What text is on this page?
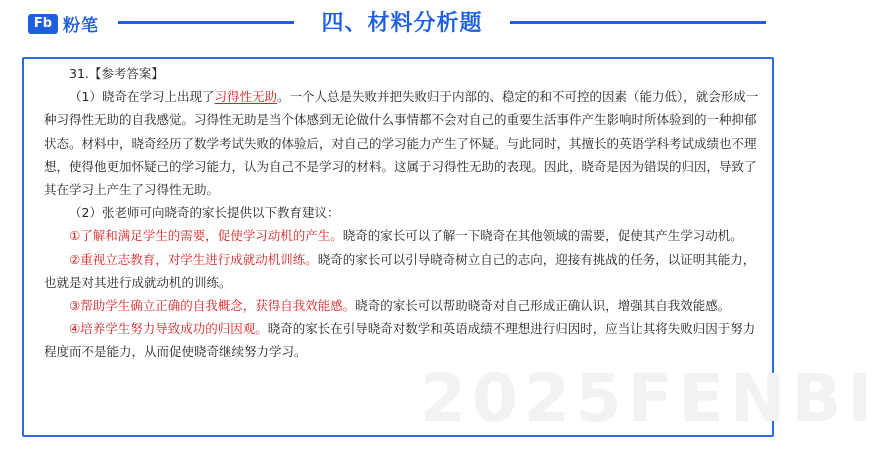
Fb 粉笔	四、材料分析题
2025FENBI

31.【参考答案】

（1）晓奇在学习上出现了习得性无助。一个人总是失败并把失败归于内部的、稳定的和不可控的因素（能力低），就会形成一种习得性无助的自我感觉。习得性无助是当个体感到无论做什么事情都不会对自己的重要生活事件产生影响时所体验到的一种抑郁状态。材料中，晓奇经历了数学考试失败的体验后，对自己的学习能力产生了怀疑。与此同时，其擅长的英语学科考试成绩也不理想，使得他更加怀疑己的学习能力，认为自己不是学习的材料。这属于习得性无助的表现。因此，晓奇是因为错误的归因，导致了其在学习上产生了习得性无助。

（2）张老师可向晓奇的家长提供以下教育建议：

①了解和满足学生的需要，促使学习动机的产生。晓奇的家长可以了解一下晓奇在其他领域的需要，促使其产生学习动机。

②重视立志教育，对学生进行成就动机训练。晓奇的家长可以引导晓奇树立自己的志向，迎接有挑战的任务，以证明其能力，也就是对其进行成就动机的训练。

③帮助学生确立正确的自我概念，获得自我效能感。晓奇的家长可以帮助晓奇对自己形成正确认识，增强其自我效能感。

④培养学生努力导致成功的归因观。晓奇的家长在引导晓奇对数学和英语成绩不理想进行归因时，应当让其将失败归因于努力程度而不是能力，从而促使晓奇继续努力学习。
